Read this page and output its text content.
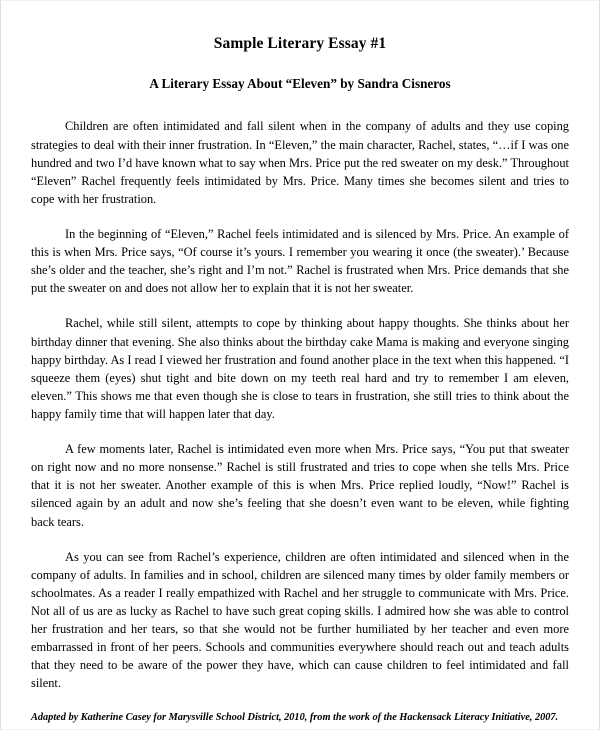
Sample Literary Essay #1
A Literary Essay About “Eleven” by Sandra Cisneros

Children are often intimidated and fall silent when in the company of adults and they use coping strategies to deal with their inner frustration. In “Eleven,” the main character, Rachel, states, “…if I was one hundred and two I’d have known what to say when Mrs. Price put the red sweater on my desk.” Throughout “Eleven” Rachel frequently feels intimidated by Mrs. Price. Many times she becomes silent and tries to cope with her frustration.

In the beginning of “Eleven,” Rachel feels intimidated and is silenced by Mrs. Price. An example of this is when Mrs. Price says, “Of course it’s yours. I remember you wearing it once (the sweater).’ Because she’s older and the teacher, she’s right and I’m not.” Rachel is frustrated when Mrs. Price demands that she put the sweater on and does not allow her to explain that it is not her sweater.

Rachel, while still silent, attempts to cope by thinking about happy thoughts. She thinks about her birthday dinner that evening. She also thinks about the birthday cake Mama is making and everyone singing happy birthday. As I read I viewed her frustration and found another place in the text when this happened. “I squeeze them (eyes) shut tight and bite down on my teeth real hard and try to remember I am eleven, eleven.” This shows me that even though she is close to tears in frustration, she still tries to think about the happy family time that will happen later that day.

A few moments later, Rachel is intimidated even more when Mrs. Price says, “You put that sweater on right now and no more nonsense.” Rachel is still frustrated and tries to cope when she tells Mrs. Price that it is not her sweater. Another example of this is when Mrs. Price replied loudly, “Now!” Rachel is silenced again by an adult and now she’s feeling that she doesn’t even want to be eleven, while fighting back tears.

As you can see from Rachel’s experience, children are often intimidated and silenced when in the company of adults. In families and in school, children are silenced many times by older family members or schoolmates. As a reader I really empathized with Rachel and her struggle to communicate with Mrs. Price. Not all of us are as lucky as Rachel to have such great coping skills. I admired how she was able to control her frustration and her tears, so that she would not be further humiliated by her teacher and even more embarrassed in front of her peers. Schools and communities everywhere should reach out and teach adults that they need to be aware of the power they have, which can cause children to feel intimidated and fall silent.

Adapted by Katherine Casey for Marysville School District, 2010, from the work of the Hackensack Literacy Initiative, 2007.
